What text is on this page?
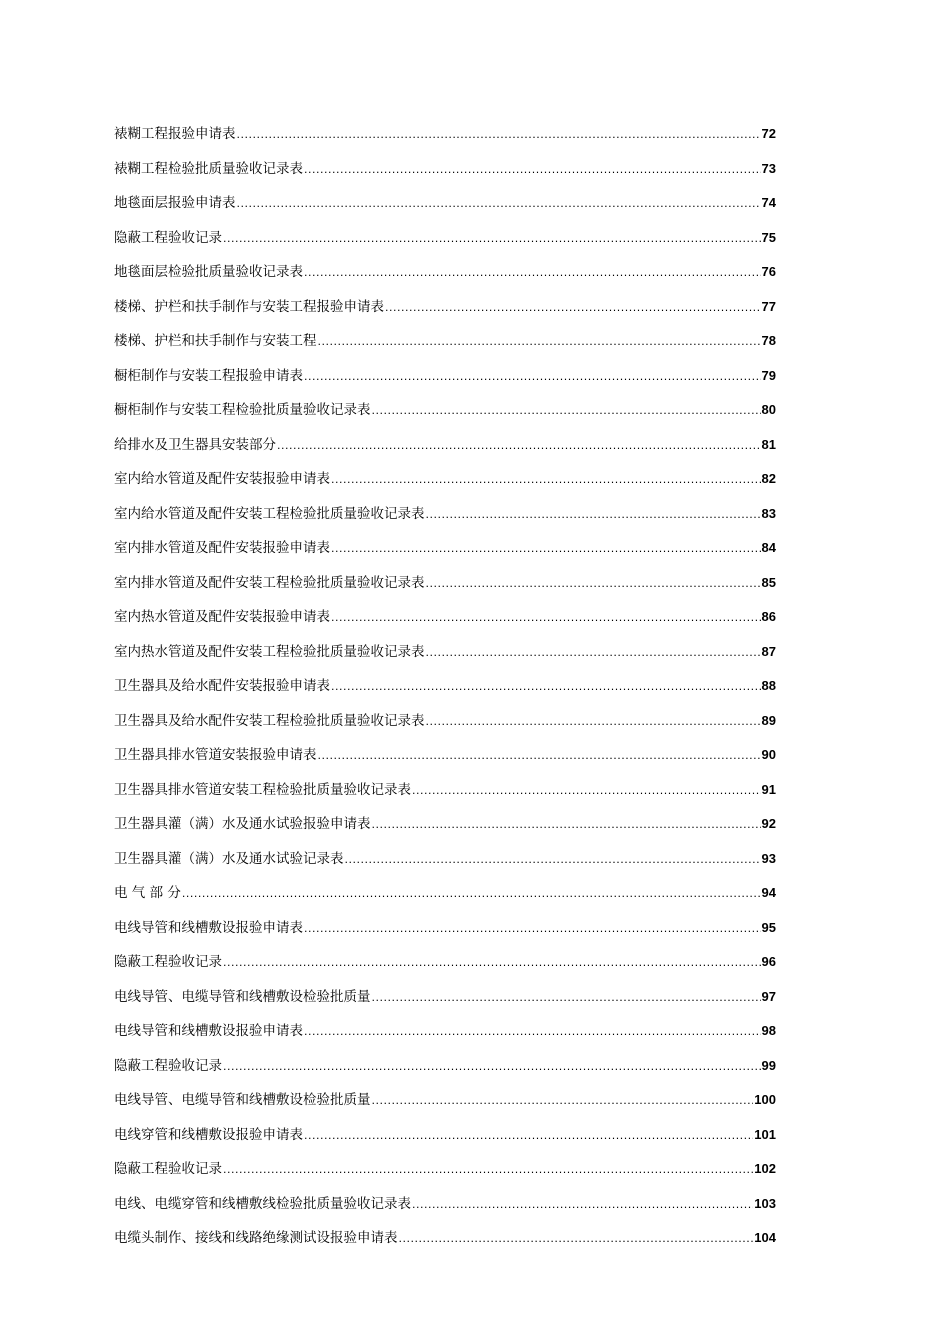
裱糊工程报验申请表 .....	72
裱糊工程检验批质量验收记录表 .....	73
地毯面层报验申请表 .....	74
隐蔽工程验收记录 .....	75
地毯面层检验批质量验收记录表 .....	76
楼梯、护栏和扶手制作与安装工程报验申请表 .....	77
楼梯、护栏和扶手制作与安装工程 .....	78
橱柜制作与安装工程报验申请表 .....	79
橱柜制作与安装工程检验批质量验收记录表 .....	80
给排水及卫生器具安装部分 .....	81
室内给水管道及配件安装报验申请表 .....	82
室内给水管道及配件安装工程检验批质量验收记录表 .....	83
室内排水管道及配件安装报验申请表 .....	84
室内排水管道及配件安装工程检验批质量验收记录表 .....	85
室内热水管道及配件安装报验申请表 .....	86
室内热水管道及配件安装工程检验批质量验收记录表 .....	87
卫生器具及给水配件安装报验申请表 .....	88
卫生器具及给水配件安装工程检验批质量验收记录表 .....	89
卫生器具排水管道安装报验申请表 .....	90
卫生器具排水管道安装工程检验批质量验收记录表 .....	91
卫生器具灌（满）水及通水试验报验申请表 .....	92
卫生器具灌（满）水及通水试验记录表 .....	93
电 气 部 分 .....	94
电线导管和线槽敷设报验申请表 .....	95
隐蔽工程验收记录 .....	96
电线导管、电缆导管和线槽敷设检验批质量 .....	97
电线导管和线槽敷设报验申请表 .....	98
隐蔽工程验收记录 .....	99
电线导管、电缆导管和线槽敷设检验批质量 .....	100
电线穿管和线槽敷设报验申请表 .....	101
隐蔽工程验收记录 .....	102
电线、电缆穿管和线槽敷线检验批质量验收记录表 .....	103
电缆头制作、接线和线路绝缘测试设报验申请表 .....	104
